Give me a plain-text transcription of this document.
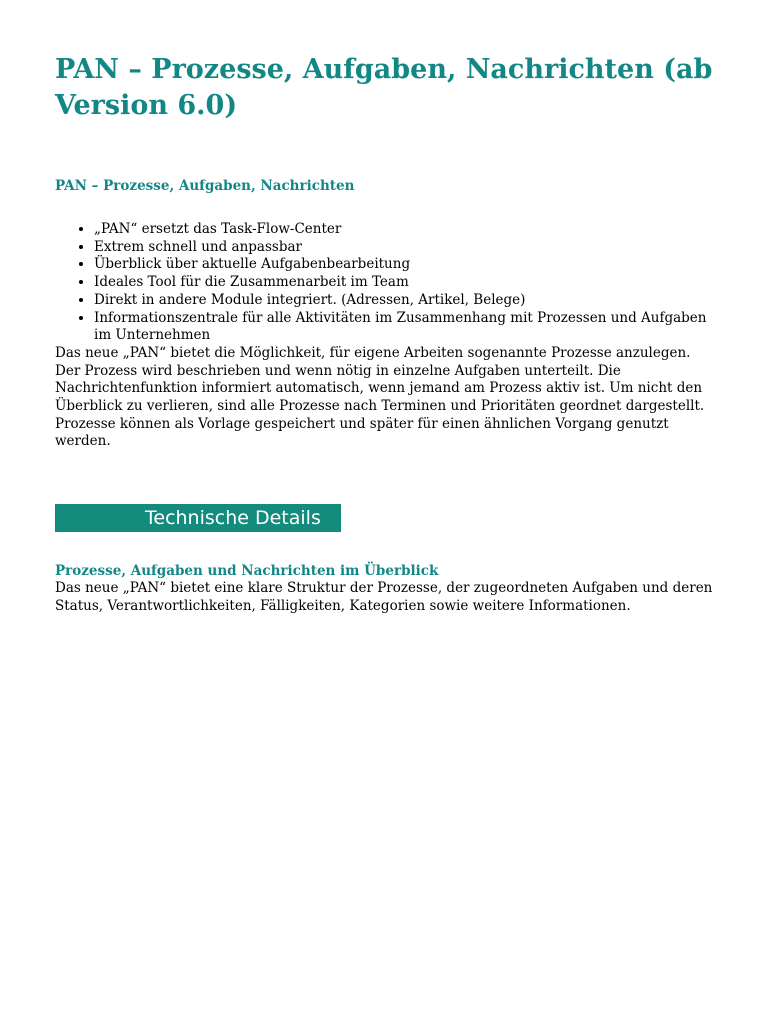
PAN – Prozesse, Aufgaben, Nachrichten (ab Version 6.0)
PAN – Prozesse, Aufgaben, Nachrichten
• „PAN“ ersetzt das Task-Flow-Center
• Extrem schnell und anpassbar
• Überblick über aktuelle Aufgabenbearbeitung
• Ideales Tool für die Zusammenarbeit im Team
• Direkt in andere Module integriert. (Adressen, Artikel, Belege)
• Informationszentrale für alle Aktivitäten im Zusammenhang mit Prozessen und Aufgaben im Unternehmen

Das neue „PAN“ bietet die Möglichkeit, für eigene Arbeiten sogenannte Prozesse anzulegen. Der Prozess wird beschrieben und wenn nötig in einzelne Aufgaben unterteilt. Die Nachrichtenfunktion informiert automatisch, wenn jemand am Prozess aktiv ist. Um nicht den Überblick zu verlieren, sind alle Prozesse nach Terminen und Prioritäten geordnet dargestellt.

Prozesse können als Vorlage gespeichert und später für einen ähnlichen Vorgang genutzt werden.

Technische Details
Prozesse, Aufgaben und Nachrichten im Überblick

Das neue „PAN“ bietet eine klare Struktur der Prozesse, der zugeordneten Aufgaben und deren Status, Verantwortlichkeiten, Fälligkeiten, Kategorien sowie weitere Informationen.
